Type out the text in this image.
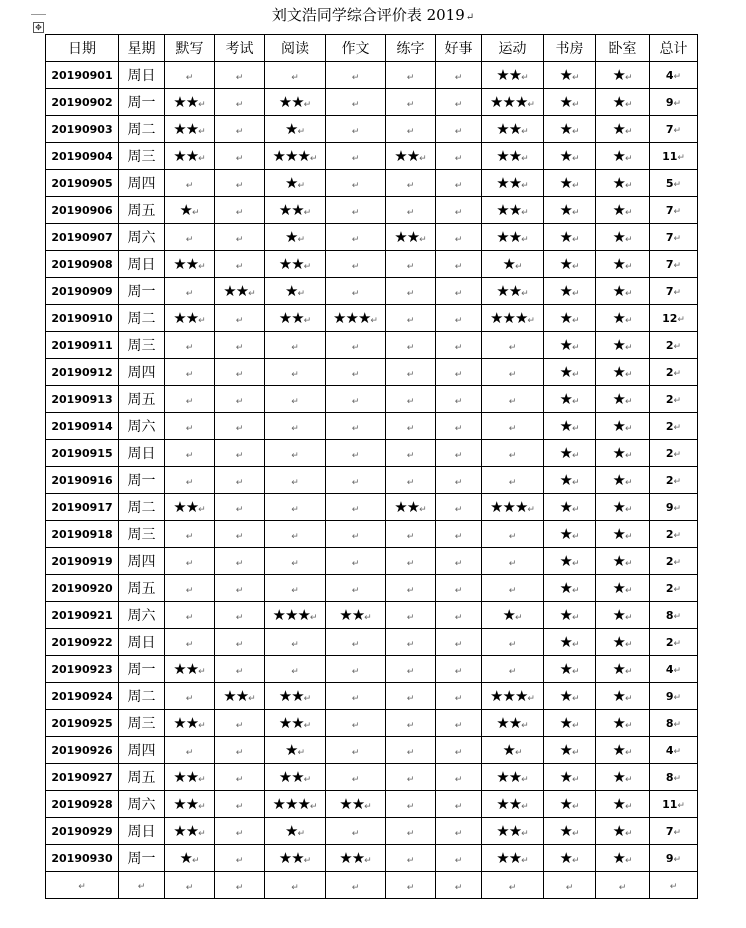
✥
刘文浩同学综合评价表 2019↵
日期	星期	默写	考试	阅读	作文	练字	好事	运动	书房	卧室	总计
20190901	周日	↵	↵	↵	↵	↵	↵	★★↵	★↵	★↵	4↵
20190902	周一	★★↵	↵	★★↵	↵	↵	↵	★★★↵	★↵	★↵	9↵
20190903	周二	★★↵	↵	★↵	↵	↵	↵	★★↵	★↵	★↵	7↵
20190904	周三	★★↵	↵	★★★↵	↵	★★↵	↵	★★↵	★↵	★↵	11↵
20190905	周四	↵	↵	★↵	↵	↵	↵	★★↵	★↵	★↵	5↵
20190906	周五	★↵	↵	★★↵	↵	↵	↵	★★↵	★↵	★↵	7↵
20190907	周六	↵	↵	★↵	↵	★★↵	↵	★★↵	★↵	★↵	7↵
20190908	周日	★★↵	↵	★★↵	↵	↵	↵	★↵	★↵	★↵	7↵
20190909	周一	↵	★★↵	★↵	↵	↵	↵	★★↵	★↵	★↵	7↵
20190910	周二	★★↵	↵	★★↵	★★★↵	↵	↵	★★★↵	★↵	★↵	12↵
20190911	周三	↵	↵	↵	↵	↵	↵	↵	★↵	★↵	2↵
20190912	周四	↵	↵	↵	↵	↵	↵	↵	★↵	★↵	2↵
20190913	周五	↵	↵	↵	↵	↵	↵	↵	★↵	★↵	2↵
20190914	周六	↵	↵	↵	↵	↵	↵	↵	★↵	★↵	2↵
20190915	周日	↵	↵	↵	↵	↵	↵	↵	★↵	★↵	2↵
20190916	周一	↵	↵	↵	↵	↵	↵	↵	★↵	★↵	2↵
20190917	周二	★★↵	↵	↵	↵	★★↵	↵	★★★↵	★↵	★↵	9↵
20190918	周三	↵	↵	↵	↵	↵	↵	↵	★↵	★↵	2↵
20190919	周四	↵	↵	↵	↵	↵	↵	↵	★↵	★↵	2↵
20190920	周五	↵	↵	↵	↵	↵	↵	↵	★↵	★↵	2↵
20190921	周六	↵	↵	★★★↵	★★↵	↵	↵	★↵	★↵	★↵	8↵
20190922	周日	↵	↵	↵	↵	↵	↵	↵	★↵	★↵	2↵
20190923	周一	★★↵	↵	↵	↵	↵	↵	↵	★↵	★↵	4↵
20190924	周二	↵	★★↵	★★↵	↵	↵	↵	★★★↵	★↵	★↵	9↵
20190925	周三	★★↵	↵	★★↵	↵	↵	↵	★★↵	★↵	★↵	8↵
20190926	周四	↵	↵	★↵	↵	↵	↵	★↵	★↵	★↵	4↵
20190927	周五	★★↵	↵	★★↵	↵	↵	↵	★★↵	★↵	★↵	8↵
20190928	周六	★★↵	↵	★★★↵	★★↵	↵	↵	★★↵	★↵	★↵	11↵
20190929	周日	★★↵	↵	★↵	↵	↵	↵	★★↵	★↵	★↵	7↵
20190930	周一	★↵	↵	★★↵	★★↵	↵	↵	★★↵	★↵	★↵	9↵
↵	↵	↵	↵	↵	↵	↵	↵	↵	↵	↵	↵
